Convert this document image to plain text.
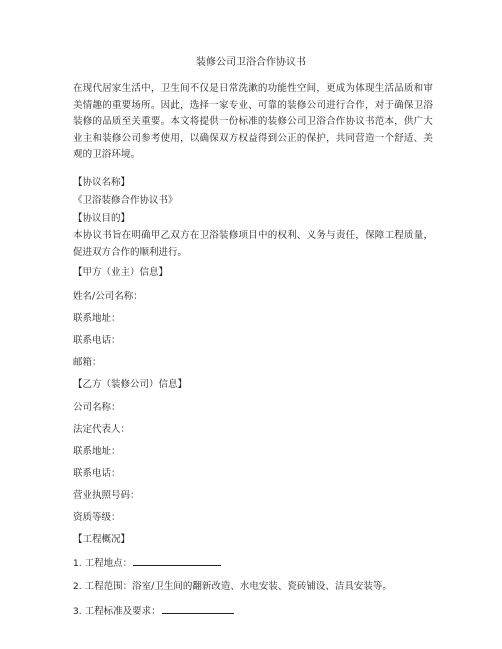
装修公司卫浴合作协议书
在现代居家生活中，卫生间不仅是日常洗漱的功能性空间，更成为体现生活品质和审美情趣的重要场所。因此，选择一家专业、可靠的装修公司进行合作，对于确保卫浴装修的品质至关重要。本文将提供一份标准的装修公司卫浴合作协议书范本，供广大业主和装修公司参考使用，以确保双方权益得到公正的保护，共同营造一个舒适、美观的卫浴环境。
【协议名称】
《卫浴装修合作协议书》
【协议目的】
本协议书旨在明确甲乙双方在卫浴装修项目中的权利、义务与责任，保障工程质量，促进双方合作的顺利进行。
【甲方（业主）信息】
姓名/公司名称：
联系地址：
联系电话：
邮箱：
【乙方（装修公司）信息】
公司名称：
法定代表人：
联系地址：
联系电话：
营业执照号码：
资质等级：
【工程概况】
1. 工程地点：
2. 工程范围：浴室/卫生间的翻新改造、水电安装、瓷砖铺设、洁具安装等。
3. 工程标准及要求：
